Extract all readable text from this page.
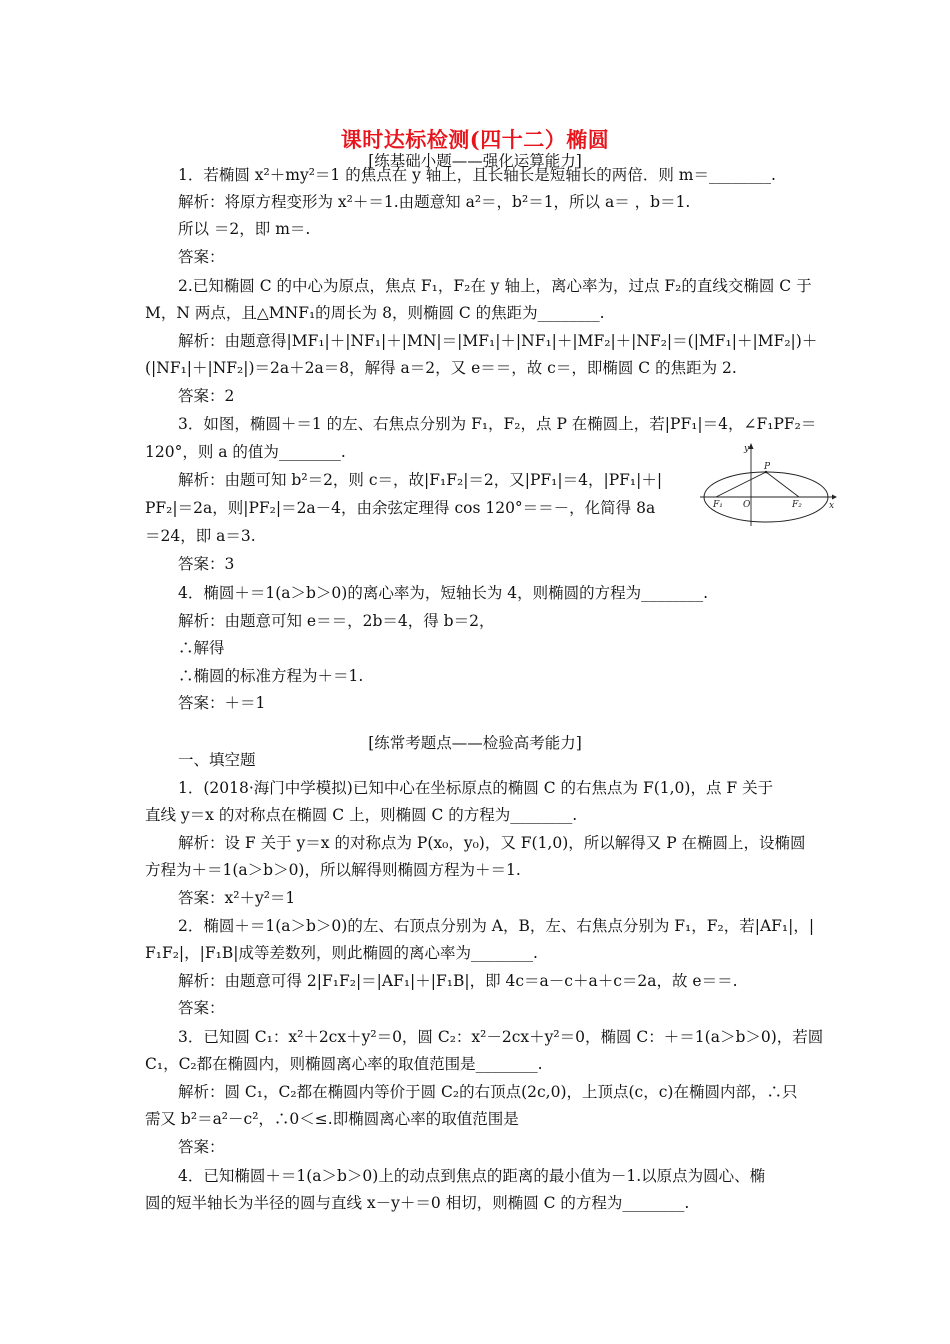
课时达标检测(四十二）椭圆
[练基础小题——强化运算能力]
[练常考题点——检验高考能力]
1．若椭圆 x²＋my²＝1 的焦点在 y 轴上，且长轴长是短轴长的两倍．则 m＝________.
解析：将原方程变形为 x²＋＝1.由题意知 a²＝，b²＝1，所以 a＝ ，b＝1.
所以 ＝2，即 m＝.
答案：
2.已知椭圆 C 的中心为原点，焦点 F₁，F₂在 y 轴上，离心率为，过点 F₂的直线交椭圆 C 于
M，N 两点，且△MNF₁的周长为 8，则椭圆 C 的焦距为________.
解析：由题意得|MF₁|＋|NF₁|＋|MN|＝|MF₁|＋|NF₁|＋|MF₂|＋|NF₂|＝(|MF₁|＋|MF₂|)＋
(|NF₁|＋|NF₂|)＝2a＋2a＝8，解得 a＝2，又 e＝＝，故 c＝，即椭圆 C 的焦距为 2.
答案：2
3．如图，椭圆＋＝1 的左、右焦点分别为 F₁，F₂，点 P 在椭圆上，若|PF₁|＝4，∠F₁PF₂＝
120°，则 a 的值为________.
解析：由题可知 b²＝2，则 c＝，故|F₁F₂|＝2，又|PF₁|＝4，|PF₁|＋|
PF₂|＝2a，则|PF₂|＝2a－4，由余弦定理得 cos 120°＝＝－，化简得 8a
＝24，即 a＝3.
答案：3
4．椭圆＋＝1(a＞b＞0)的离心率为，短轴长为 4，则椭圆的方程为________.
解析：由题意可知 e＝＝，2b＝4，得 b＝2，
∴解得
∴椭圆的标准方程为＋＝1.
答案：＋＝1
一、填空题
1．(2018·海门中学模拟)已知中心在坐标原点的椭圆 C 的右焦点为 F(1,0)，点 F 关于
直线 y＝x 的对称点在椭圆 C 上，则椭圆 C 的方程为________.
解析：设 F 关于 y＝x 的对称点为 P(x₀，y₀)，又 F(1,0)，所以解得又 P 在椭圆上，设椭圆
方程为＋＝1(a＞b＞0)，所以解得则椭圆方程为＋＝1.
答案：x²＋y²＝1
2．椭圆＋＝1(a＞b＞0)的左、右顶点分别为 A，B，左、右焦点分别为 F₁，F₂，若|AF₁|，|
F₁F₂|，|F₁B|成等差数列，则此椭圆的离心率为________.
解析：由题意可得 2|F₁F₂|＝|AF₁|＋|F₁B|，即 4c＝a－c＋a＋c＝2a，故 e＝＝.
答案：
3．已知圆 C₁：x²＋2cx＋y²＝0，圆 C₂：x²－2cx＋y²＝0，椭圆 C：＋＝1(a＞b＞0)，若圆
C₁，C₂都在椭圆内，则椭圆离心率的取值范围是________.
解析：圆 C₁，C₂都在椭圆内等价于圆 C₂的右顶点(2c,0)，上顶点(c，c)在椭圆内部，∴只
需又 b²＝a²－c²，∴0＜≤.即椭圆离心率的取值范围是
答案：
4．已知椭圆＋＝1(a＞b＞0)上的动点到焦点的距离的最小值为－1.以原点为圆心、椭
圆的短半轴长为半径的圆与直线 x－y＋＝0 相切，则椭圆 C 的方程为________.
y
P
F₁ O	F₂	x
